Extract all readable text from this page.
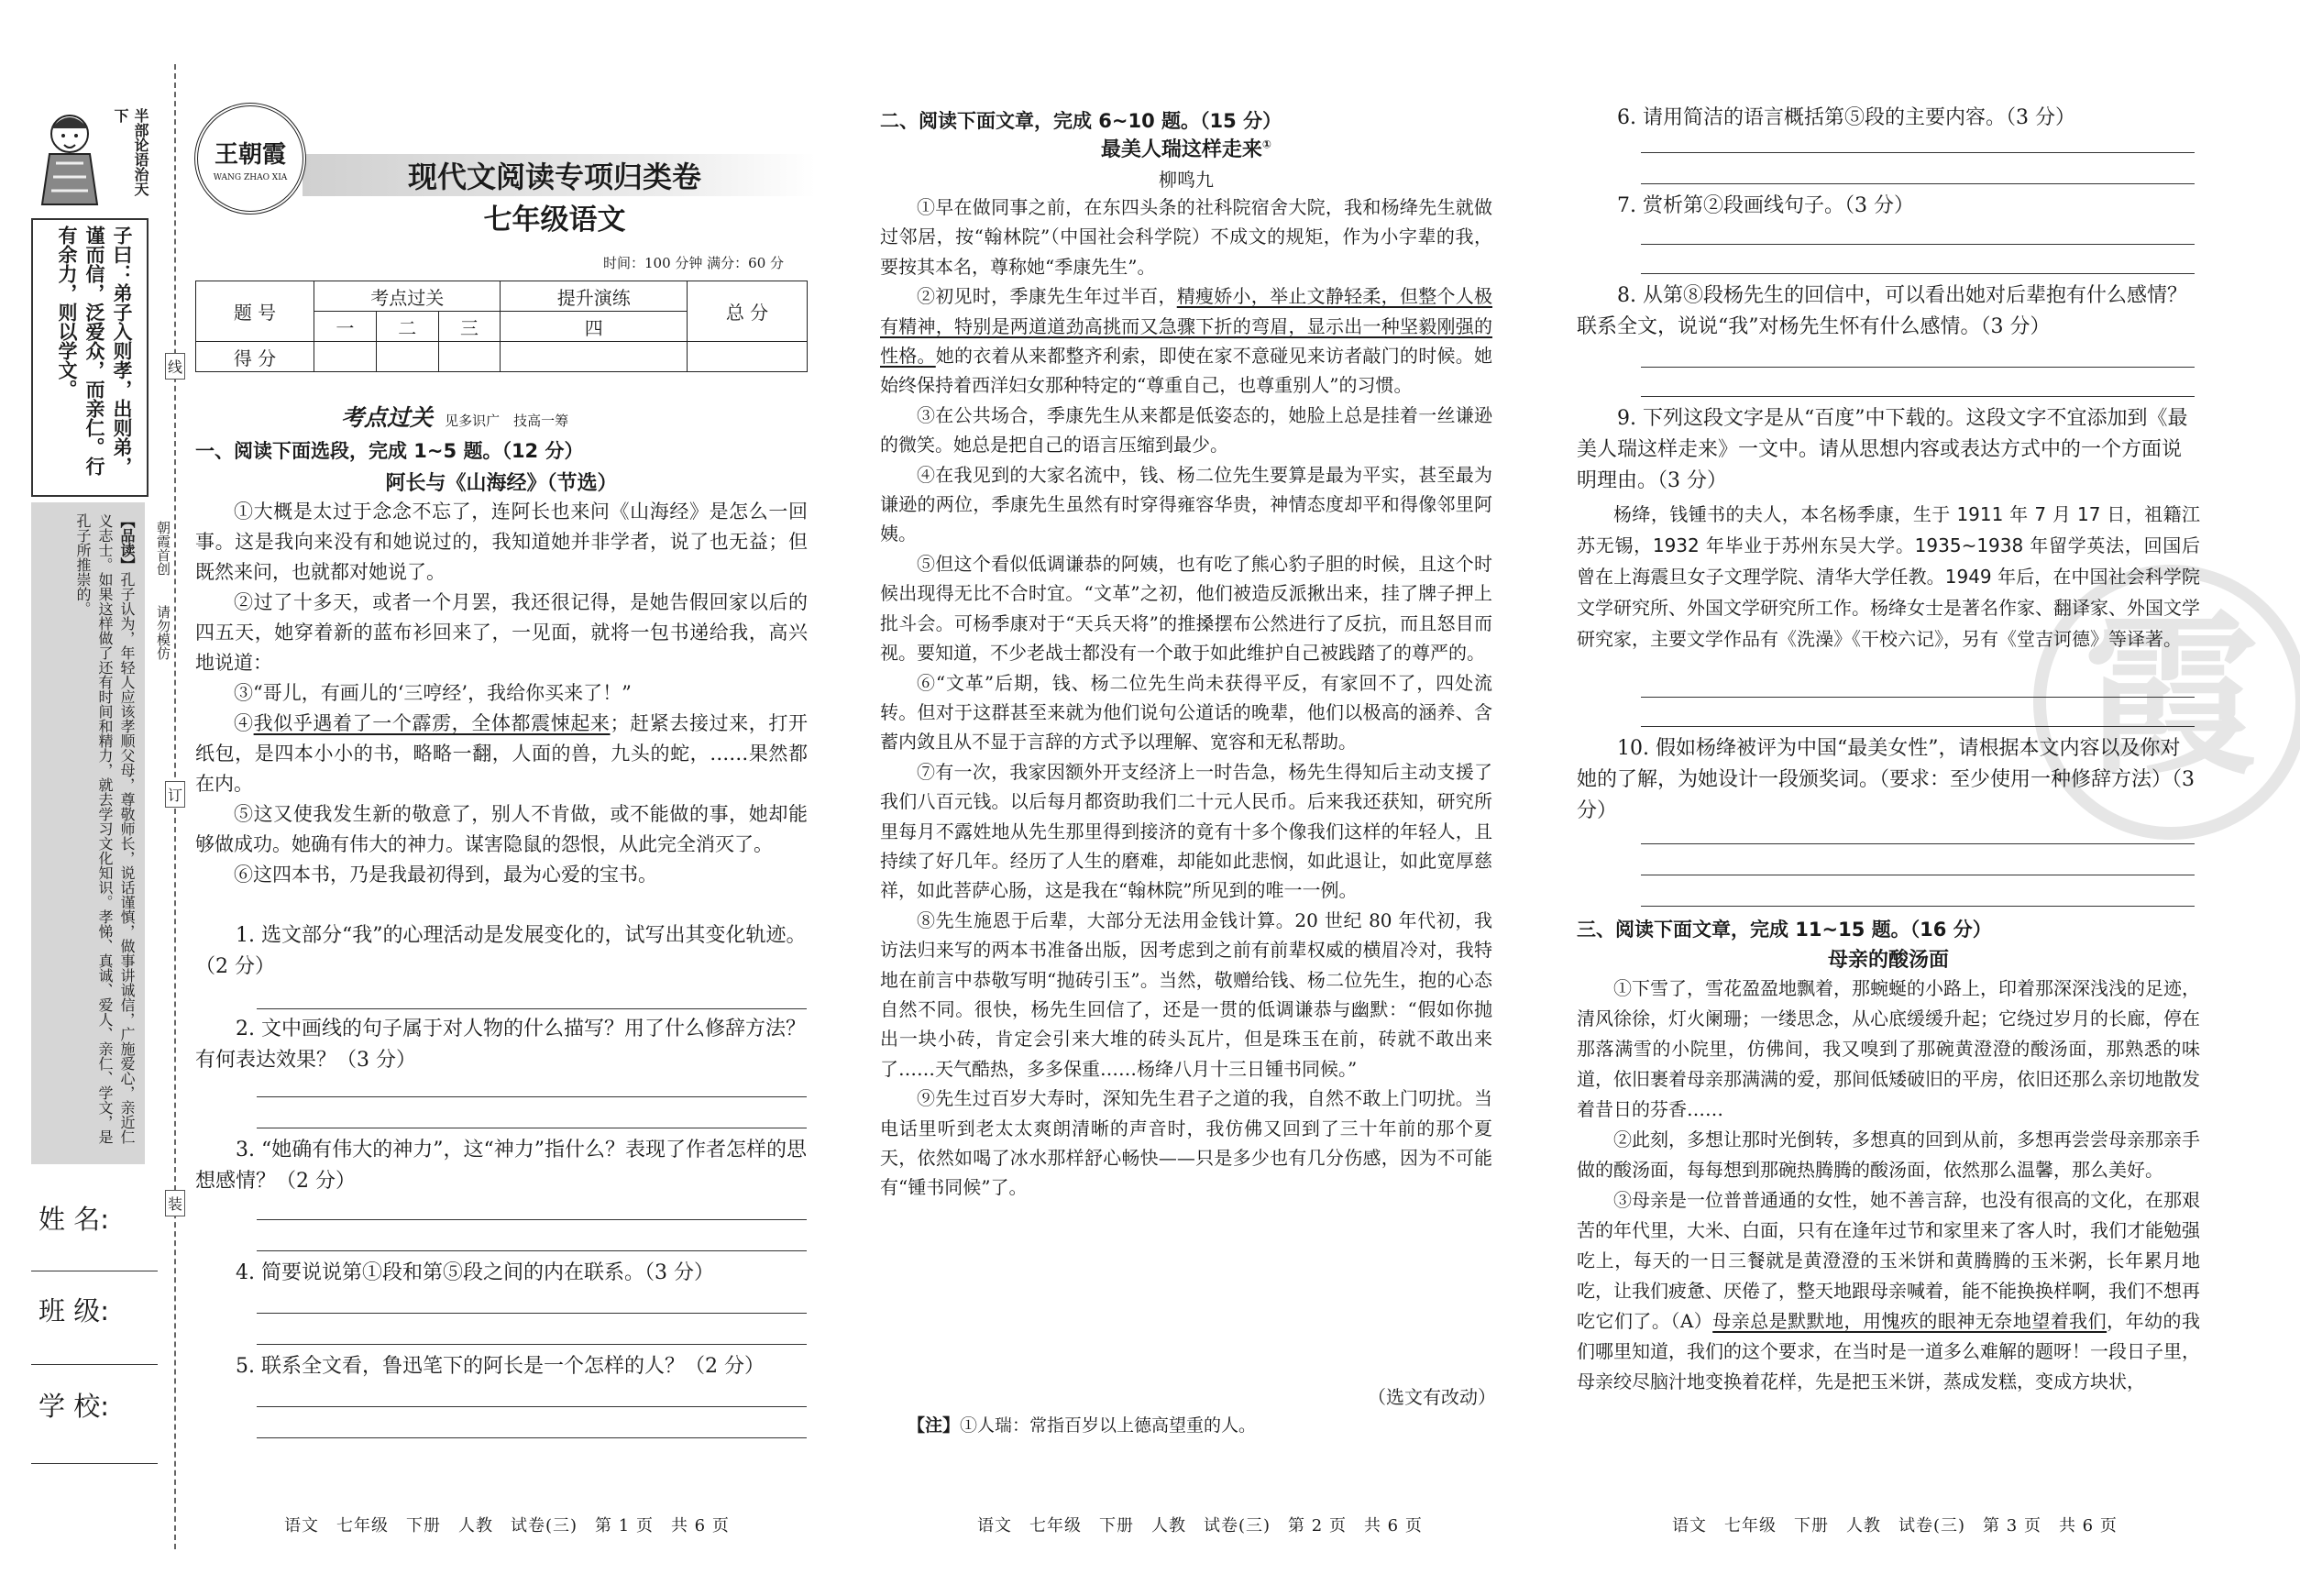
半部论语治天下
子曰：弟子入则孝，出则弟，谨而信，泛爱众，而亲仁。行有余力，则以学文。
【品读】孔子认为，年轻人应该孝顺父母，尊敬师长，说话谨慎，做事讲诚信，广施爱心，亲近仁义志士。如果这样做了还有时间和精力，就去学习文化知识。孝悌、真诚、爱人、亲仁、学文，是孔子所推崇的。	朝霞首创
请勿模仿
线
订
装
姓 名:
班 级:
学 校:
王朝霞
WANG ZHAO XIA	现代文阅读专项归类卷
七年级语文
时间：100 分钟 满分：60 分
题 号	考点过关			提升演练	总 分
	一	二	三	四	
得 分					
考点过关 见多识广　技高一筹
一、阅读下面选段，完成 1~5 题。（12 分）
阿长与《山海经》（节选）

①大概是太过于念念不忘了，连阿长也来问《山海经》是怎么一回事。这是我向来没有和她说过的，我知道她并非学者，说了也无益；但既然来问，也就都对她说了。

②过了十多天，或者一个月罢，我还很记得，是她告假回家以后的四五天，她穿着新的蓝布衫回来了，一见面，就将一包书递给我，高兴地说道：

③“哥儿，有画儿的‘三哼经’，我给你买来了！”

④我似乎遇着了一个霹雳，全体都震悚起来；赶紧去接过来，打开纸包，是四本小小的书，略略一翻，人面的兽，九头的蛇，……果然都在内。

⑤这又使我发生新的敬意了，别人不肯做，或不能做的事，她却能够做成功。她确有伟大的神力。谋害隐鼠的怨恨，从此完全消灭了。

⑥这四本书，乃是我最初得到，最为心爱的宝书。

1. 选文部分“我”的心理活动是发展变化的，试写出其变化轨迹。（2 分）
2. 文中画线的句子属于对人物的什么描写？用了什么修辞方法？有何表达效果？（3 分）
3. “她确有伟大的神力”，这“神力”指什么？表现了作者怎样的思想感情？（2 分）
4. 简要说说第①段和第⑤段之间的内在联系。（3 分）
5. 联系全文看，鲁迅笔下的阿长是一个怎样的人？（2 分）
语文　七年级　下册　人教　试卷(三)　第 1 页　共 6 页
二、阅读下面文章，完成 6~10 题。（15 分）
最美人瑞这样走来①
柳鸣九

①早在做同事之前，在东四头条的社科院宿舍大院，我和杨绛先生就做过邻居，按“翰林院”（中国社会科学院）不成文的规矩，作为小字辈的我，要按其本名，尊称她“季康先生”。

②初见时，季康先生年过半百，精瘦娇小，举止文静轻柔，但整个人极有精神，特别是两道道劲高挑而又急骤下折的弯眉，显示出一种坚毅刚强的性格。她的衣着从来都整齐利索，即使在家不意碰见来访者敲门的时候。她始终保持着西洋妇女那种特定的“尊重自己，也尊重别人”的习惯。

③在公共场合，季康先生从来都是低姿态的，她脸上总是挂着一丝谦逊的微笑。她总是把自己的语言压缩到最少。

④在我见到的大家名流中，钱、杨二位先生要算是最为平实，甚至最为谦逊的两位，季康先生虽然有时穿得雍容华贵，神情态度却平和得像邻里阿姨。

⑤但这个看似低调谦恭的阿姨，也有吃了熊心豹子胆的时候，且这个时候出现得无比不合时宜。“文革”之初，他们被造反派揪出来，挂了牌子押上批斗会。可杨季康对于“天兵天将”的推搡摆布公然进行了反抗，而且怒目而视。要知道，不少老战士都没有一个敢于如此维护自己被践踏了的尊严的。

⑥“文革”后期，钱、杨二位先生尚未获得平反，有家回不了，四处流转。但对于这群甚至来就为他们说句公道话的晚辈，他们以极高的涵养、含蓄内敛且从不显于言辞的方式予以理解、宽容和无私帮助。

⑦有一次，我家因额外开支经济上一时告急，杨先生得知后主动支援了我们八百元钱。以后每月都资助我们二十元人民币。后来我还获知，研究所里每月不露姓地从先生那里得到接济的竟有十多个像我们这样的年轻人，且持续了好几年。经历了人生的磨难，却能如此悲悯，如此退让，如此宽厚慈祥，如此菩萨心肠，这是我在“翰林院”所见到的唯一一例。

⑧先生施恩于后辈，大部分无法用金钱计算。20 世纪 80 年代初，我访法归来写的两本书准备出版，因考虑到之前有前辈权威的横眉冷对，我特地在前言中恭敬写明“抛砖引玉”。当然，敬赠给钱、杨二位先生，抱的心态自然不同。很快，杨先生回信了，还是一贯的低调谦恭与幽默：“假如你抛出一块小砖，肯定会引来大堆的砖头瓦片，但是珠玉在前，砖就不敢出来了……天气酷热，多多保重……杨绛八月十三日锺书同候。”

⑨先生过百岁大寿时，深知先生君子之道的我，自然不敢上门叨扰。当电话里听到老太太爽朗清晰的声音时，我仿佛又回到了三十年前的那个夏天，依然如喝了冰水那样舒心畅快——只是多少也有几分伤感，因为不可能有“锺书同候”了。

（选文有改动）
【注】①人瑞：常指百岁以上德高望重的人。
语文　七年级　下册　人教　试卷(三)　第 2 页　共 6 页
霞
6. 请用简洁的语言概括第⑤段的主要内容。（3 分）
7. 赏析第②段画线句子。（3 分）
8. 从第⑧段杨先生的回信中，可以看出她对后辈抱有什么感情？联系全文，说说“我”对杨先生怀有什么感情。（3 分）
9. 下列这段文字是从“百度”中下载的。这段文字不宜添加到《最美人瑞这样走来》一文中。请从思想内容或表达方式中的一个方面说明理由。（3 分）
杨绛，钱锺书的夫人，本名杨季康，生于 1911 年 7 月 17 日，祖籍江苏无锡，1932 年毕业于苏州东吴大学。1935~1938 年留学英法，回国后曾在上海震旦女子文理学院、清华大学任教。1949 年后，在中国社会科学院文学研究所、外国文学研究所工作。杨绛女士是著名作家、翻译家、外国文学研究家，主要文学作品有《洗澡》《干校六记》，另有《堂吉诃德》等译著。
10. 假如杨绛被评为中国“最美女性”，请根据本文内容以及你对她的了解，为她设计一段颁奖词。（要求：至少使用一种修辞方法）（3 分）
三、阅读下面文章，完成 11~15 题。（16 分）
母亲的酸汤面

①下雪了，雪花盈盈地飘着，那蜿蜒的小路上，印着那深深浅浅的足迹，清风徐徐，灯火阑珊；一缕思念，从心底缓缓升起；它绕过岁月的长廊，停在那落满雪的小院里，仿佛间，我又嗅到了那碗黄澄澄的酸汤面，那熟悉的味道，依旧裹着母亲那满满的爱，那间低矮破旧的平房，依旧还那么亲切地散发着昔日的芬香……

②此刻，多想让那时光倒转，多想真的回到从前，多想再尝尝母亲那亲手做的酸汤面，每每想到那碗热腾腾的酸汤面，依然那么温馨，那么美好。

③母亲是一位普普通通的女性，她不善言辞，也没有很高的文化，在那艰苦的年代里，大米、白面，只有在逢年过节和家里来了客人时，我们才能勉强吃上，每天的一日三餐就是黄澄澄的玉米饼和黄腾腾的玉米粥，长年累月地吃，让我们疲惫、厌倦了，整天地跟母亲喊着，能不能换换样啊，我们不想再吃它们了。（A）母亲总是默默地，用愧疚的眼神无奈地望着我们，年幼的我们哪里知道，我们的这个要求，在当时是一道多么难解的题呀！一段日子里，母亲绞尽脑汁地变换着花样，先是把玉米饼，蒸成发糕，变成方块状，

语文　七年级　下册　人教　试卷(三)　第 3 页　共 6 页
